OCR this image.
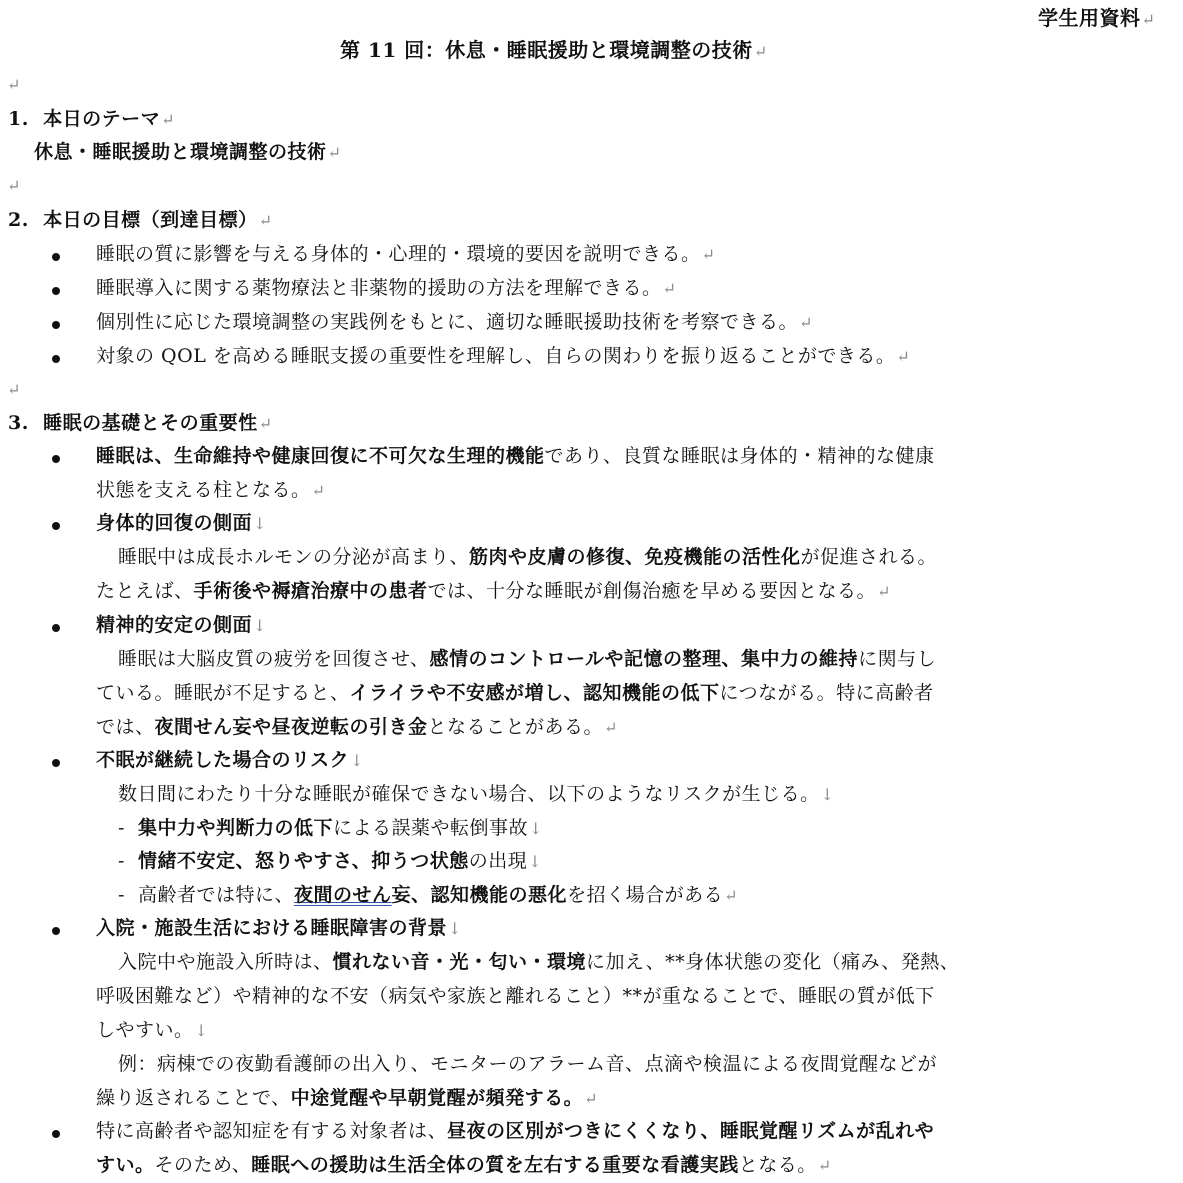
学生用資料↵
第 11 回：休息・睡眠援助と環境調整の技術↵
↵
1. 本日のテーマ↵
休息・睡眠援助と環境調整の技術↵
↵
2. 本日の目標（到達目標）↵
睡眠の質に影響を与える身体的・心理的・環境的要因を説明できる。↵
睡眠導入に関する薬物療法と非薬物的援助の方法を理解できる。↵
個別性に応じた環境調整の実践例をもとに、適切な睡眠援助技術を考察できる。↵
対象の QOL を高める睡眠支援の重要性を理解し、自らの関わりを振り返ることができる。↵
↵
3. 睡眠の基礎とその重要性↵
睡眠は、生命維持や健康回復に不可欠な生理的機能であり、良質な睡眠は身体的・精神的な健康
状態を支える柱となる。↵
身体的回復の側面↓
睡眠中は成長ホルモンの分泌が高まり、筋肉や皮膚の修復、免疫機能の活性化が促進される。
たとえば、手術後や褥瘡治療中の患者では、十分な睡眠が創傷治癒を早める要因となる。↵
精神的安定の側面↓
睡眠は大脳皮質の疲労を回復させ、感情のコントロールや記憶の整理、集中力の維持に関与し
ている。睡眠が不足すると、イライラや不安感が増し、認知機能の低下につながる。特に高齢者
では、夜間せん妄や昼夜逆転の引き金となることがある。↵
不眠が継続した場合のリスク↓
数日間にわたり十分な睡眠が確保できない場合、以下のようなリスクが生じる。↓
- 集中力や判断力の低下による誤薬や転倒事故↓
- 情緒不安定、怒りやすさ、抑うつ状態の出現↓
- 高齢者では特に、夜間のせん妄、認知機能の悪化を招く場合がある↵
入院・施設生活における睡眠障害の背景↓
入院中や施設入所時は、慣れない音・光・匂い・環境に加え、**身体状態の変化（痛み、発熱、
呼吸困難など）や精神的な不安（病気や家族と離れること）**が重なることで、睡眠の質が低下
しやすい。↓
例：病棟での夜勤看護師の出入り、モニターのアラーム音、点滴や検温による夜間覚醒などが
繰り返されることで、中途覚醒や早朝覚醒が頻発する。↵
特に高齢者や認知症を有する対象者は、昼夜の区別がつきにくくなり、睡眠覚醒リズムが乱れや
すい。そのため、睡眠への援助は生活全体の質を左右する重要な看護実践となる。↵
